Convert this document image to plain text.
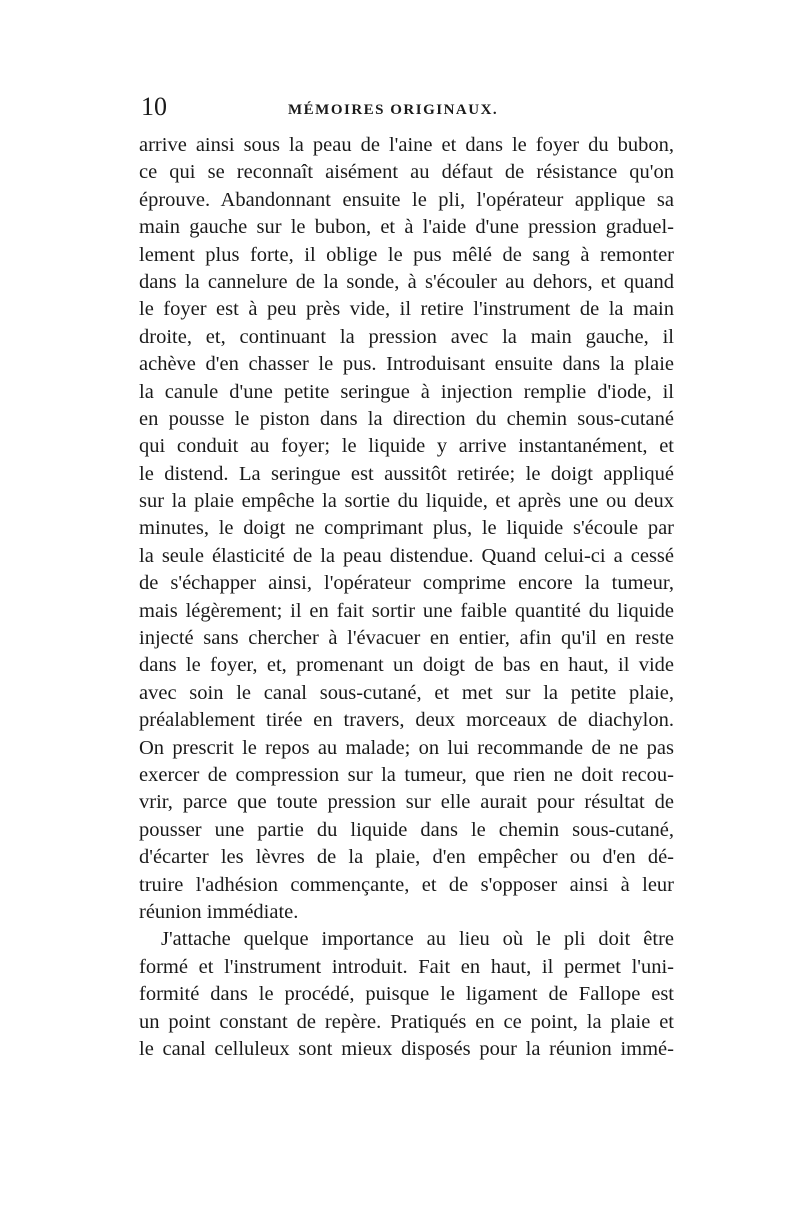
10	MÉMOIRES ORIGINAUX.
arrive ainsi sous la peau de l'aine et dans le foyer du bubon,
ce qui se reconnaît aisément au défaut de résistance qu'on
éprouve. Abandonnant ensuite le pli, l'opérateur applique sa
main gauche sur le bubon, et à l'aide d'une pression graduel-
lement plus forte, il oblige le pus mêlé de sang à remonter
dans la cannelure de la sonde, à s'écouler au dehors, et quand
le foyer est à peu près vide, il retire l'instrument de la main
droite, et, continuant la pression avec la main gauche, il
achève d'en chasser le pus. Introduisant ensuite dans la plaie
la canule d'une petite seringue à injection remplie d'iode, il
en pousse le piston dans la direction du chemin sous-cutané
qui conduit au foyer; le liquide y arrive instantanément, et
le distend. La seringue est aussitôt retirée; le doigt appliqué
sur la plaie empêche la sortie du liquide, et après une ou deux
minutes, le doigt ne comprimant plus, le liquide s'écoule par
la seule élasticité de la peau distendue. Quand celui-ci a cessé
de s'échapper ainsi, l'opérateur comprime encore la tumeur,
mais légèrement; il en fait sortir une faible quantité du liquide
injecté sans chercher à l'évacuer en entier, afin qu'il en reste
dans le foyer, et, promenant un doigt de bas en haut, il vide
avec soin le canal sous-cutané, et met sur la petite plaie,
préalablement tirée en travers, deux morceaux de diachylon.
On prescrit le repos au malade; on lui recommande de ne pas
exercer de compression sur la tumeur, que rien ne doit recou-
vrir, parce que toute pression sur elle aurait pour résultat de
pousser une partie du liquide dans le chemin sous-cutané,
d'écarter les lèvres de la plaie, d'en empêcher ou d'en dé-
truire l'adhésion commençante, et de s'opposer ainsi à leur
réunion immédiate.
J'attache quelque importance au lieu où le pli doit être
formé et l'instrument introduit. Fait en haut, il permet l'uni-
formité dans le procédé, puisque le ligament de Fallope est
un point constant de repère. Pratiqués en ce point, la plaie et
le canal celluleux sont mieux disposés pour la réunion immé-
